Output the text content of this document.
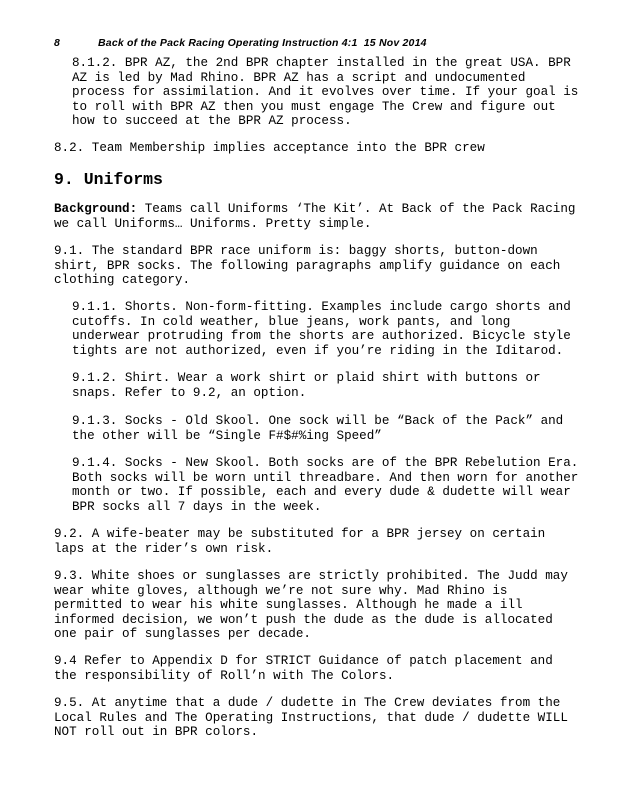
8	Back of the Pack Racing Operating Instruction 4:1  15 Nov 2014
8.1.2. BPR AZ, the 2nd BPR chapter installed in the great USA. BPR
AZ is led by Mad Rhino. BPR AZ has a script and undocumented
process for assimilation. And it evolves over time. If your goal is
to roll with BPR AZ then you must engage The Crew and figure out
how to succeed at the BPR AZ process.
8.2. Team Membership implies acceptance into the BPR crew
9. Uniforms
Background: Teams call Uniforms ‘The Kit’. At Back of the Pack Racing
we call Uniforms… Uniforms. Pretty simple.
9.1. The standard BPR race uniform is: baggy shorts, button-down
shirt, BPR socks. The following paragraphs amplify guidance on each
clothing category.
9.1.1. Shorts. Non-form-fitting. Examples include cargo shorts and
cutoffs. In cold weather, blue jeans, work pants, and long
underwear protruding from the shorts are authorized. Bicycle style
tights are not authorized, even if you’re riding in the Iditarod.
9.1.2. Shirt. Wear a work shirt or plaid shirt with buttons or
snaps. Refer to 9.2, an option.
9.1.3. Socks - Old Skool. One sock will be “Back of the Pack” and
the other will be “Single F#$#%ing Speed”
9.1.4. Socks - New Skool. Both socks are of the BPR Rebelution Era.
Both socks will be worn until threadbare. And then worn for another
month or two. If possible, each and every dude & dudette will wear
BPR socks all 7 days in the week.
9.2. A wife-beater may be substituted for a BPR jersey on certain
laps at the rider’s own risk.
9.3. White shoes or sunglasses are strictly prohibited. The Judd may
wear white gloves, although we’re not sure why. Mad Rhino is
permitted to wear his white sunglasses. Although he made a ill
informed decision, we won’t push the dude as the dude is allocated
one pair of sunglasses per decade.
9.4 Refer to Appendix D for STRICT Guidance of patch placement and
the responsibility of Roll’n with The Colors.
9.5. At anytime that a dude / dudette in The Crew deviates from the
Local Rules and The Operating Instructions, that dude / dudette WILL
NOT roll out in BPR colors.
